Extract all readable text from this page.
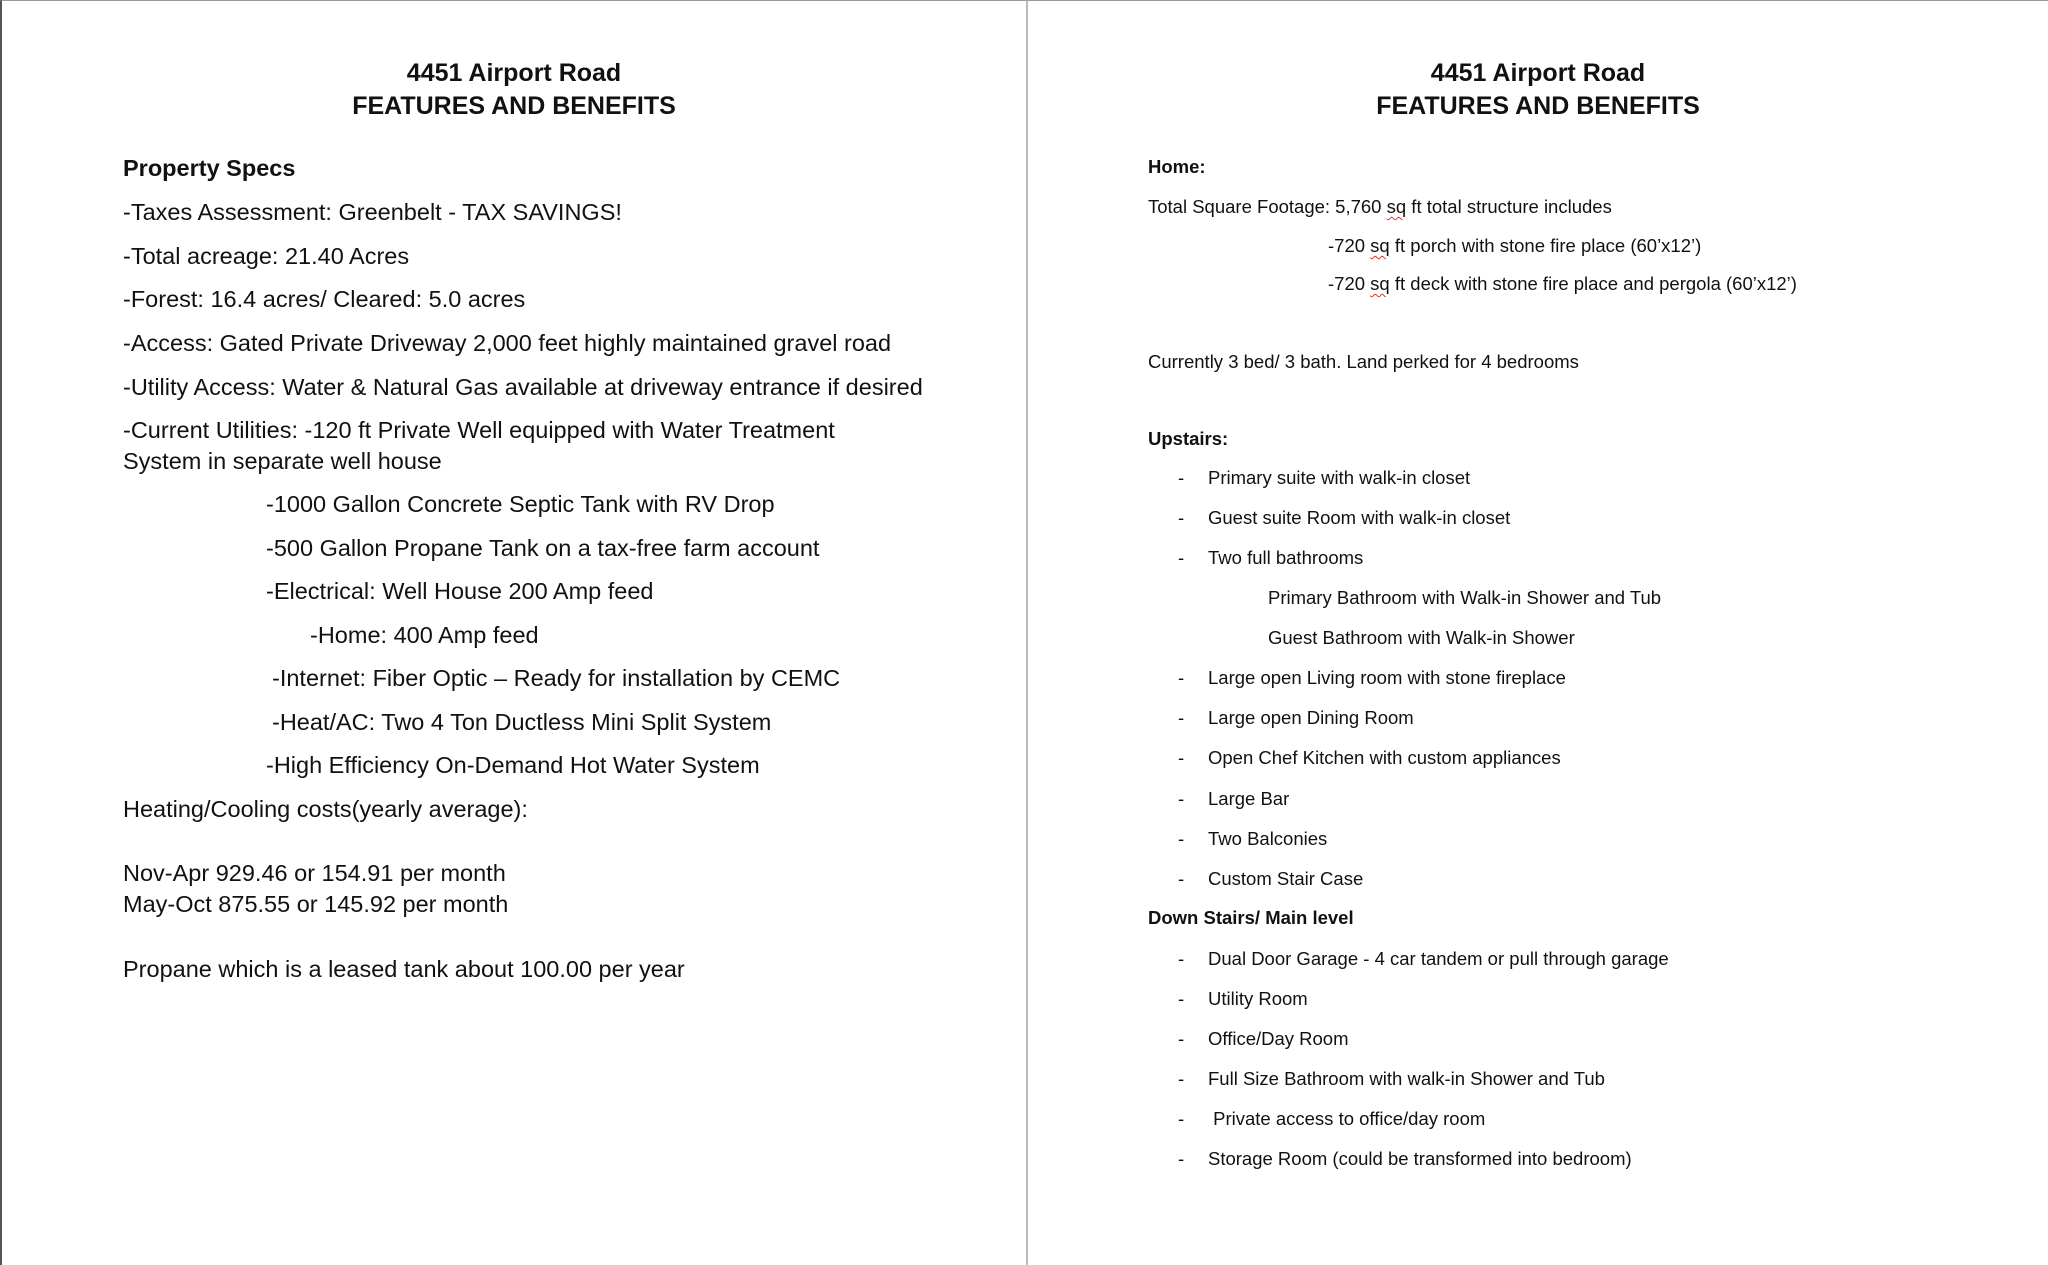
4451 Airport Road
FEATURES AND BENEFITS
Property Specs
-Taxes Assessment: Greenbelt - TAX SAVINGS!
-Total acreage: 21.40 Acres
-Forest: 16.4 acres/ Cleared: 5.0 acres
-Access: Gated Private Driveway 2,000 feet highly maintained gravel road
-Utility Access: Water & Natural Gas available at driveway entrance if desired
-Current Utilities: -120 ft Private Well equipped with Water Treatment
System in separate well house
-1000 Gallon Concrete Septic Tank with RV Drop
-500 Gallon Propane Tank on a tax-free farm account
-Electrical: Well House 200 Amp feed
-Home: 400 Amp feed
-Internet: Fiber Optic – Ready for installation by CEMC
-Heat/AC: Two 4 Ton Ductless Mini Split System
-High Efficiency On-Demand Hot Water System
Heating/Cooling costs(yearly average):
Nov-Apr 929.46 or 154.91 per month
May-Oct 875.55 or 145.92 per month
Propane which is a leased tank about 100.00 per year
4451 Airport Road
FEATURES AND BENEFITS
Home:
Total Square Footage: 5,760 sq ft total structure includes
-720 sq ft porch with stone fire place (60’x12’)
-720 sq ft deck with stone fire place and pergola (60’x12’)
Currently 3 bed/ 3 bath. Land perked for 4 bedrooms
Upstairs:
- Primary suite with walk-in closet
- Guest suite Room with walk-in closet
- Two full bathrooms
Primary Bathroom with Walk-in Shower and Tub
Guest Bathroom with Walk-in Shower
- Large open Living room with stone fireplace
- Large open Dining Room
- Open Chef Kitchen with custom appliances
- Large Bar
- Two Balconies
- Custom Stair Case
Down Stairs/ Main level
- Dual Door Garage - 4 car tandem or pull through garage
- Utility Room
- Office/Day Room
- Full Size Bathroom with walk-in Shower and Tub
- Private access to office/day room
- Storage Room (could be transformed into bedroom)
